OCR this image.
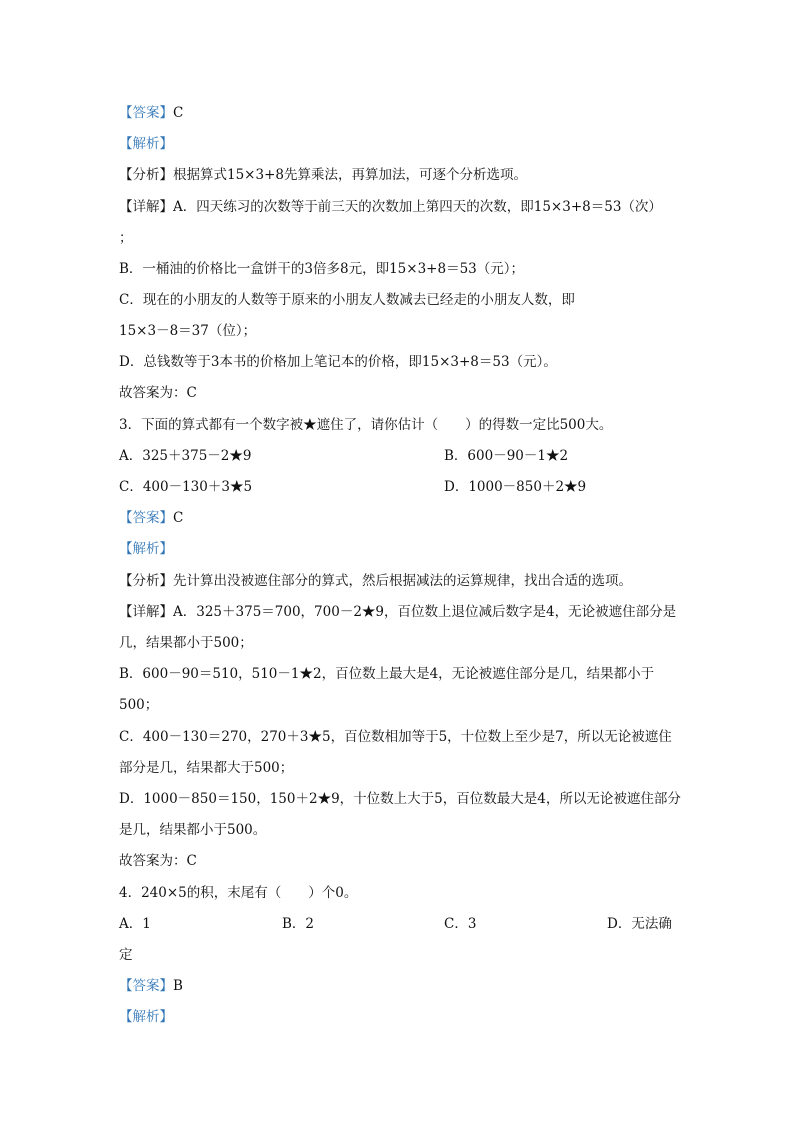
【答案】C
【解析】
【分析】根据算式15×3+8先算乘法，再算加法，可逐个分析选项。
【详解】A．四天练习的次数等于前三天的次数加上第四天的次数，即15×3+8＝53（次）
；
B．一桶油的价格比一盒饼干的3倍多8元，即15×3+8＝53（元）；
C．现在的小朋友的人数等于原来的小朋友人数减去已经走的小朋友人数，即
15×3－8＝37（位）；
D．总钱数等于3本书的价格加上笔记本的价格，即15×3+8＝53（元）。
故答案为：C
3．下面的算式都有一个数字被★遮住了，请你估计（　　）的得数一定比500大。
A．325＋375－2★9	B．600－90－1★2
C．400－130＋3★5	D．1000－850＋2★9
【答案】C
【解析】
【分析】先计算出没被遮住部分的算式，然后根据减法的运算规律，找出合适的选项。
【详解】A．325＋375＝700，700－2★9，百位数上退位减后数字是4，无论被遮住部分是
几，结果都小于500；
B．600－90＝510，510－1★2，百位数上最大是4，无论被遮住部分是几，结果都小于
500；
C．400－130＝270，270＋3★5，百位数相加等于5，十位数上至少是7，所以无论被遮住
部分是几，结果都大于500；
D．1000－850＝150，150＋2★9，十位数上大于5，百位数最大是4，所以无论被遮住部分
是几，结果都小于500。
故答案为：C
4．240×5的积，末尾有（　　）个0。
A．1	B．2	C．3	D．无法确
定
【答案】B
【解析】
